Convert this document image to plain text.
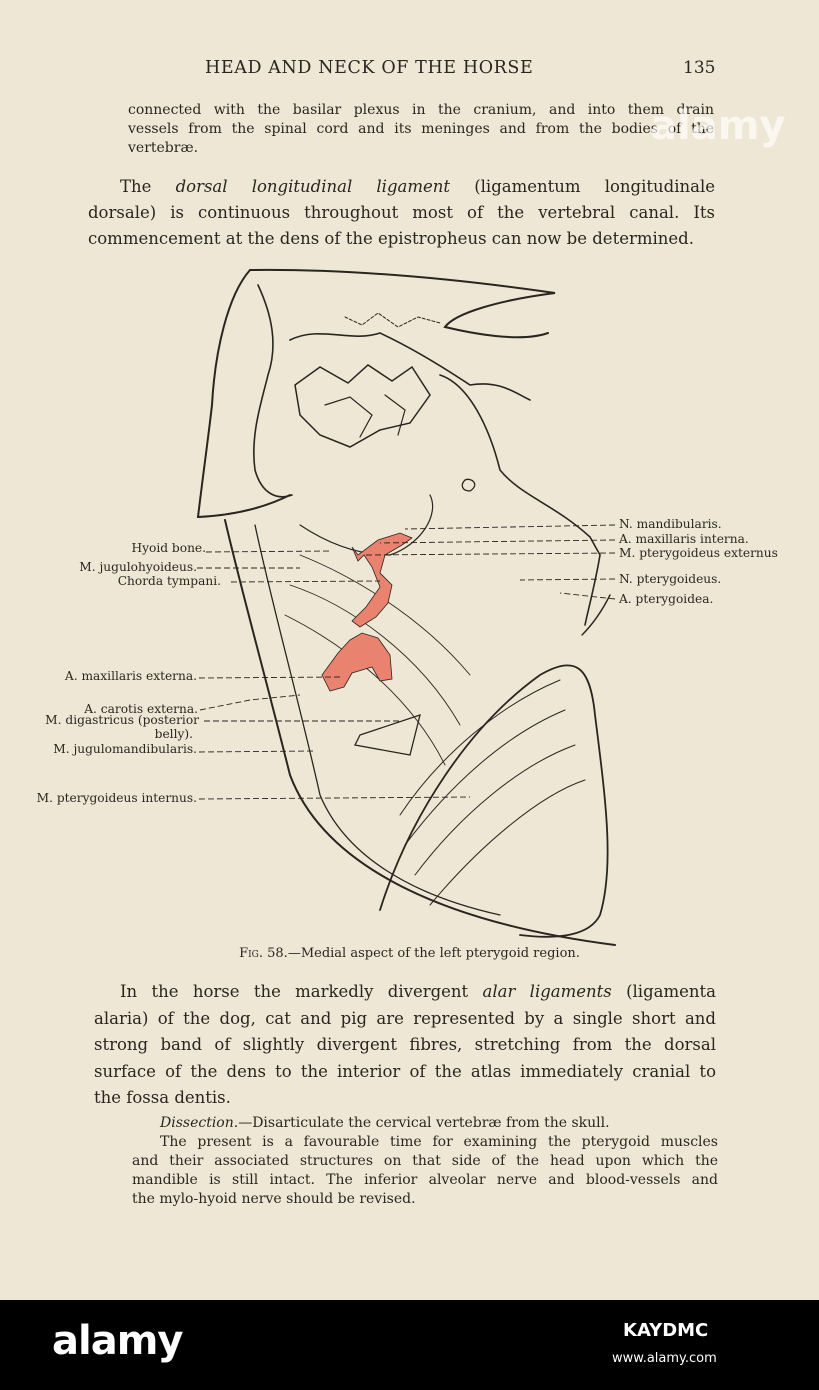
HEAD AND NECK OF THE HORSE	135
connected with the basilar plexus in the cranium, and into them drain
vessels from the spinal cord and its meninges and from the bodies of the
vertebræ.	alamy
The dorsal longitudinal ligament (ligamentum longitudinale
dorsale) is continuous throughout most of the vertebral canal. Its
commencement at the dens of the epistropheus can now be determined.
Hyoid bone.
M. jugulohyoideus.
Chorda tympani.
A. maxillaris externa.
A. carotis externa.
M. digastricus (posterior
belly).
M. jugulomandibularis.
M. pterygoideus internus.
N. mandibularis.
A. maxillaris interna.
M. pterygoideus externus
N. pterygoideus.
A. pterygoidea.
Fig. 58.—Medial aspect of the left pterygoid region.
In the horse the markedly divergent alar ligaments (ligamenta
alaria) of the dog, cat and pig are represented by a single short and
strong band of slightly divergent fibres, stretching from the dorsal
surface of the dens to the interior of the atlas immediately cranial to
the fossa dentis.
Dissection.—Disarticulate the cervical vertebræ from the skull.
The present is a favourable time for examining the pterygoid muscles
and their associated structures on that side of the head upon which the
mandible is still intact. The inferior alveolar nerve and blood-vessels and
the mylo-hyoid nerve should be revised.
alamy	KAYDMC
www.alamy.com
